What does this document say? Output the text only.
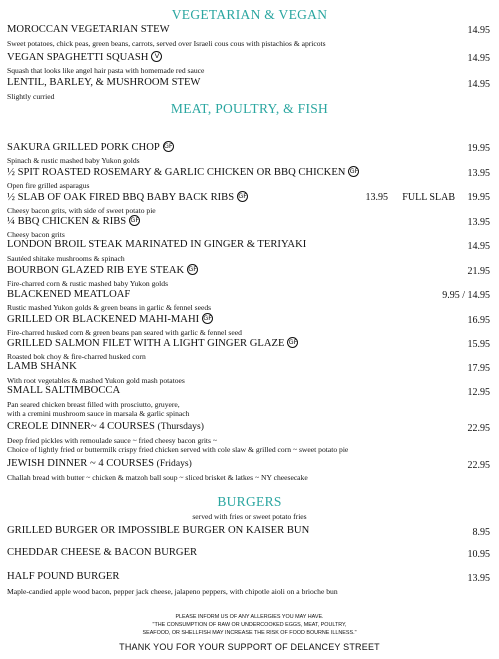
VEGETARIAN & VEGAN
MOROCCAN VEGETARIAN STEW	14.95
Sweet potatoes, chick peas, green beans, carrots, served over Israeli cous cous with pistachios & apricots
VEGAN SPAGHETTI SQUASH V	14.95
Squash that looks like angel hair pasta with homemade red sauce
LENTIL, BARLEY, & MUSHROOM STEW	14.95
Slightly curried
MEAT, POULTRY, & FISH
SAKURA GRILLED PORK CHOP GF	19.95
Spinach & rustic mashed baby Yukon golds
½ SPIT ROASTED ROSEMARY & GARLIC CHICKEN OR BBQ CHICKEN GF	13.95
Open fire grilled asparagus
½ SLAB OF OAK FIRED BBQ BABY BACK RIBS GF	13.95 FULL SLAB 19.95
Cheesy bacon grits, with side of sweet potato pie
¼ BBQ CHICKEN & RIBS GF	13.95
Cheesy bacon grits
LONDON BROIL STEAK MARINATED IN GINGER & TERIYAKI	14.95
Sautéed shitake mushrooms & spinach
BOURBON GLAZED RIB EYE STEAK GF	21.95
Fire-charred corn & rustic mashed baby Yukon golds
BLACKENED MEATLOAF	9.95 / 14.95
Rustic mashed Yukon golds & green beans in garlic & fennel seeds
GRILLED OR BLACKENED MAHI-MAHI GF	16.95
Fire-charred husked corn & green beans pan seared with garlic & fennel seed
GRILLED SALMON FILET WITH A LIGHT GINGER GLAZE GF	15.95
Roasted bok choy & fire-charred husked corn
LAMB SHANK	17.95
With root vegetables & mashed Yukon gold mash potatoes
SMALL SALTIMBOCCA	12.95
Pan seared chicken breast filled with prosciutto, gruyere,
with a cremini mushroom sauce in marsala & garlic spinach
CREOLE DINNER~ 4 COURSES (Thursdays)	22.95
Deep fried pickles with remoulade sauce ~ fried cheesy bacon grits ~
Choice of lightly fried or buttermilk crispy fried chicken served with cole slaw & grilled corn ~ sweet potato pie
JEWISH DINNER ~ 4 COURSES (Fridays)	22.95
Challah bread with butter ~ chicken & matzoh ball soup ~ sliced brisket & latkes ~ NY cheesecake
BURGERS
served with fries or sweet potato fries
GRILLED BURGER OR IMPOSSIBLE BURGER ON KAISER BUN	8.95
CHEDDAR CHEESE & BACON BURGER	10.95
HALF POUND BURGER	13.95
Maple-candied apple wood bacon, pepper jack cheese, jalapeno peppers, with chipotle aioli on a brioche bun
PLEASE INFORM US OF ANY ALLERGIES YOU MAY HAVE.
"THE CONSUMPTION OF RAW OR UNDERCOOKED EGGS, MEAT, POULTRY,
SEAFOOD, OR SHELLFISH MAY INCREASE THE RISK OF FOOD BOURNE ILLNESS."
THANK YOU FOR YOUR SUPPORT OF DELANCEY STREET
